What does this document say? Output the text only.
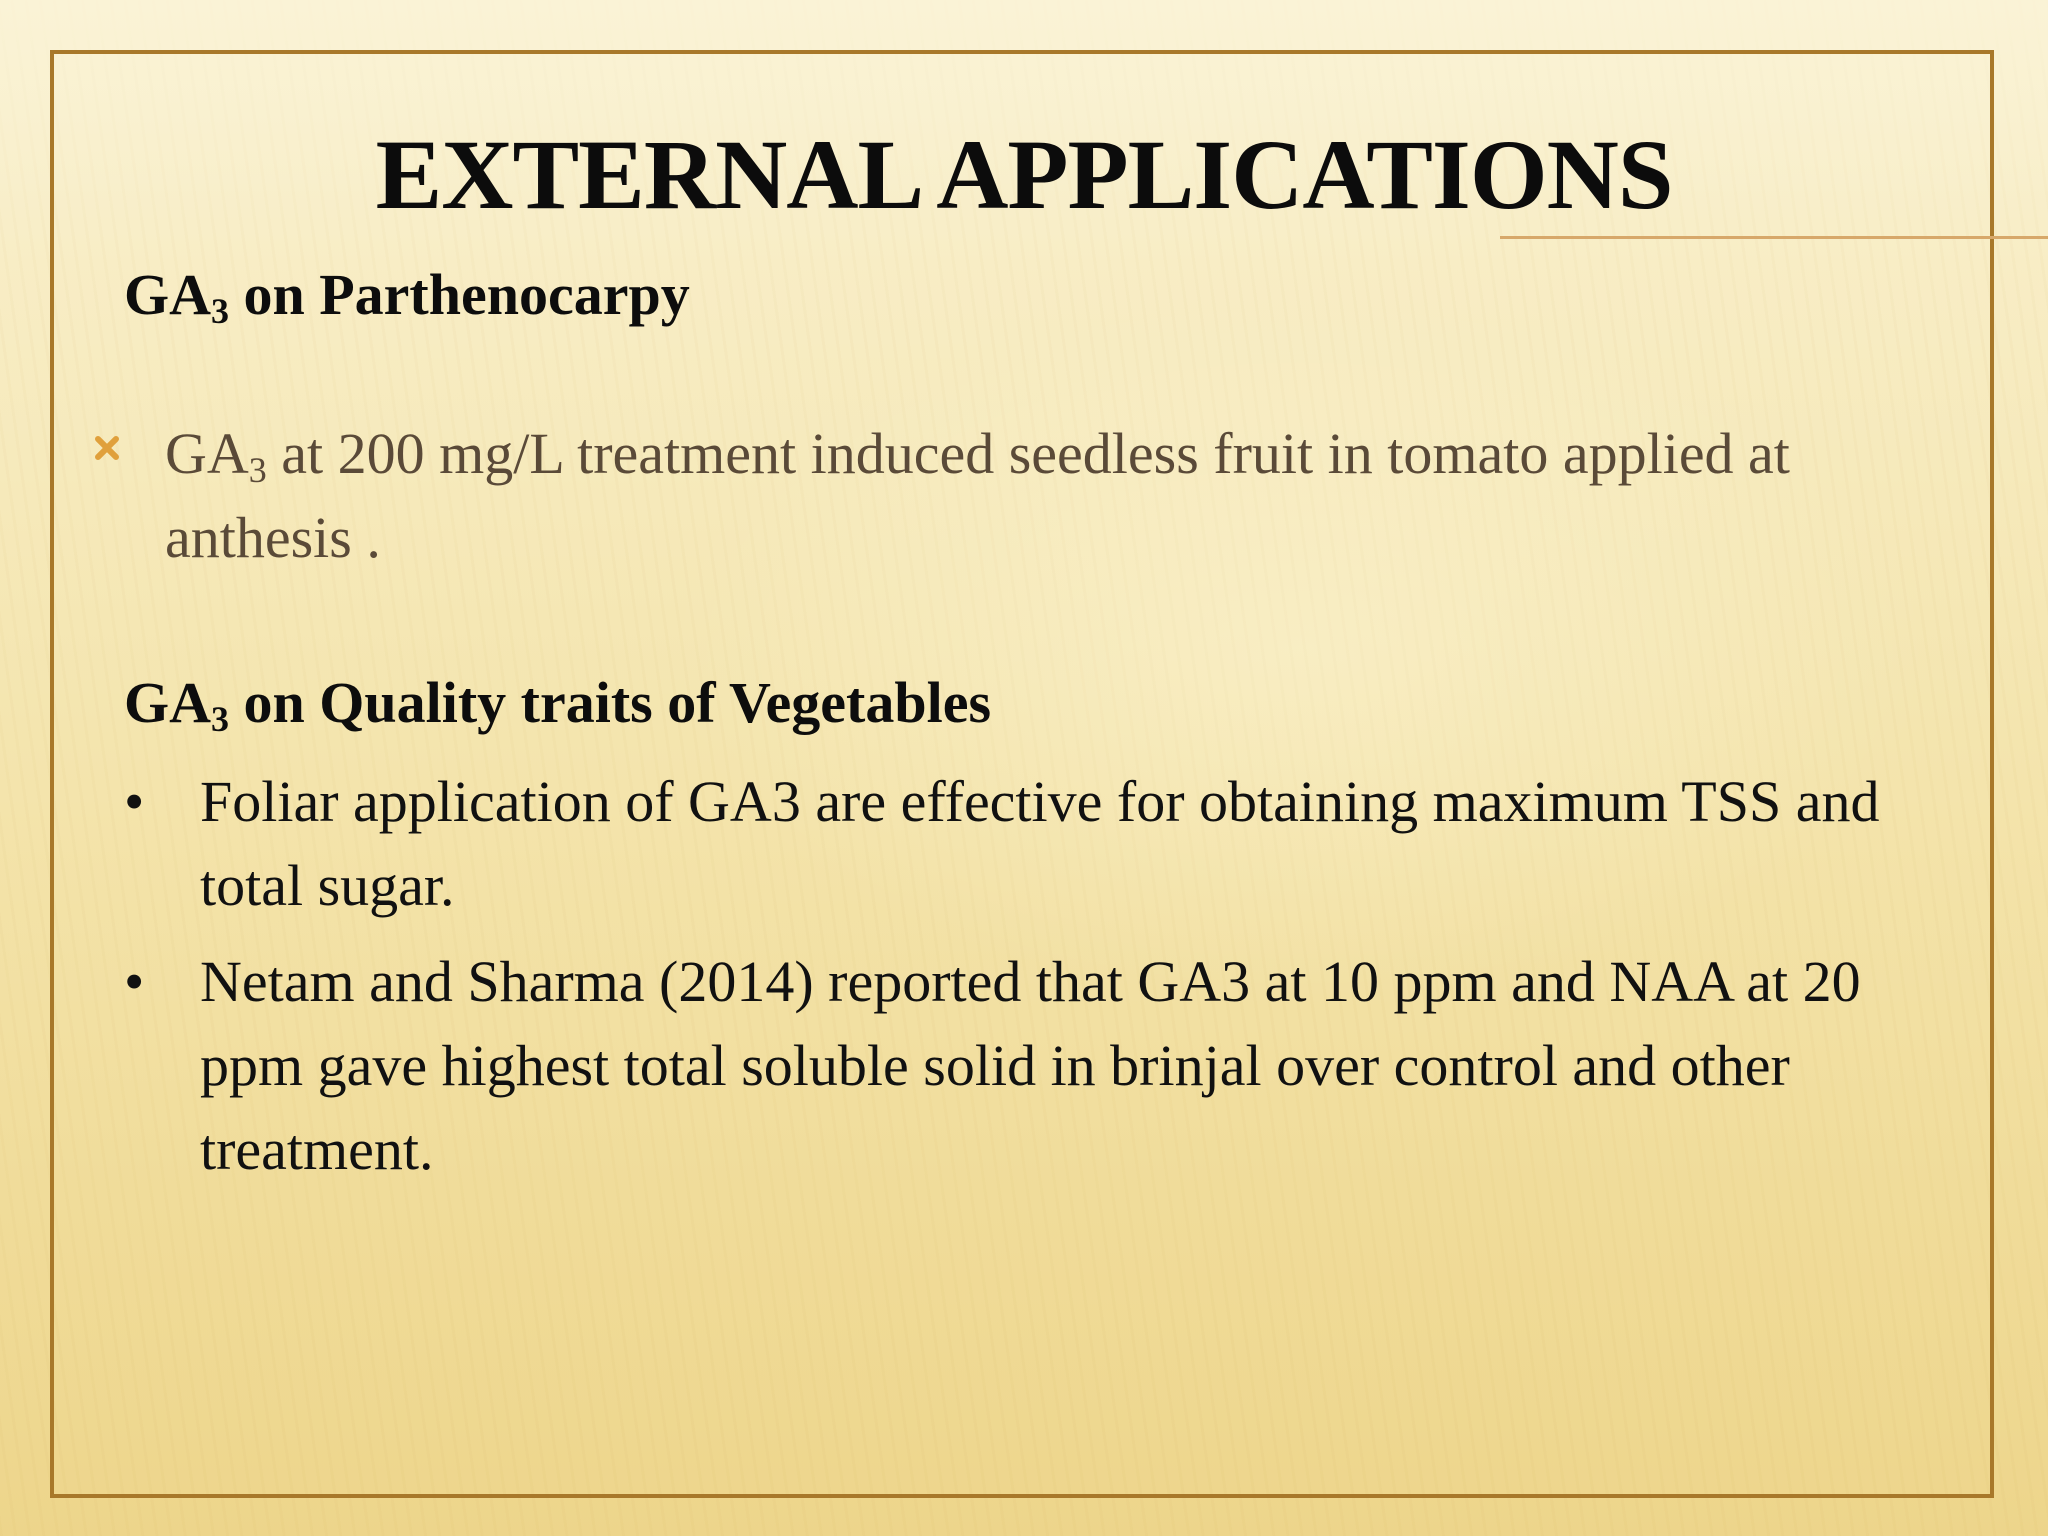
EXTERNAL APPLICATIONS
$GA_3$ on Parthenocarpy
$GA_3$ at 200 mg/L treatment induced seedless fruit in tomato applied at anthesis .
$GA_3$ on Quality traits of Vegetables
• Foliar application of GA3 are effective for obtaining maximum TSS and total sugar.
• Netam and Sharma (2014) reported that GA3 at 10 ppm and NAA at 20 ppm gave highest total soluble solid in brinjal over control and other treatment.
